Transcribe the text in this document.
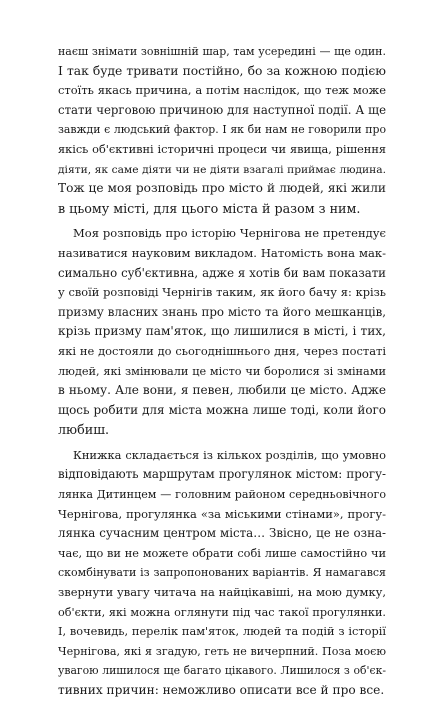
наєш знімати зовнішній шар, там усередині — ще один.
І так буде тривати постійно, бо за кожною подією
стоїть якась причина, а потім наслідок, що теж може
стати черговою причиною для наступної події. А ще
завжди є людський фактор. І як би нам не говорили про
якісь об'єктивні історичні процеси чи явища, рішення
діяти, як саме діяти чи не діяти взагалі приймає людина.
Тож це моя розповідь про місто й людей, які жили
в цьому місті, для цього міста й разом з ним.
Моя розповідь про історію Чернігова не претендує
називатися науковим викладом. Натомість вона мак-
симально суб'єктивна, адже я хотів би вам показати
у своїй розповіді Чернігів таким, як його бачу я: крізь
призму власних знань про місто та його мешканців,
крізь призму пам'яток, що лишилися в місті, і тих,
які не достояли до сьогоднішнього дня, через постаті
людей, які змінювали це місто чи боролися зі змінами
в ньому. Але вони, я певен, любили це місто. Адже
щось робити для міста можна лише тоді, коли його
любиш.
Книжка складається із кількох розділів, що умовно
відповідають маршрутам прогулянок містом: прогу-
лянка Дитинцем — головним районом середньовічного
Чернігова, прогулянка «за міськими стінами», прогу-
лянка сучасним центром міста… Звісно, це не озна-
чає, що ви не можете обрати собі лише самостійно чи
скомбінувати із запропонованих варіантів. Я намагався
звернути увагу читача на найцікавіші, на мою думку,
об'єкти, які можна оглянути під час такої прогулянки.
І, вочевидь, перелік пам'яток, людей та подій з історії
Чернігова, які я згадую, геть не вичерпний. Поза моєю
увагою лишилося ще багато цікавого. Лишилося з об'єк-
тивних причин: неможливо описати все й про все.
